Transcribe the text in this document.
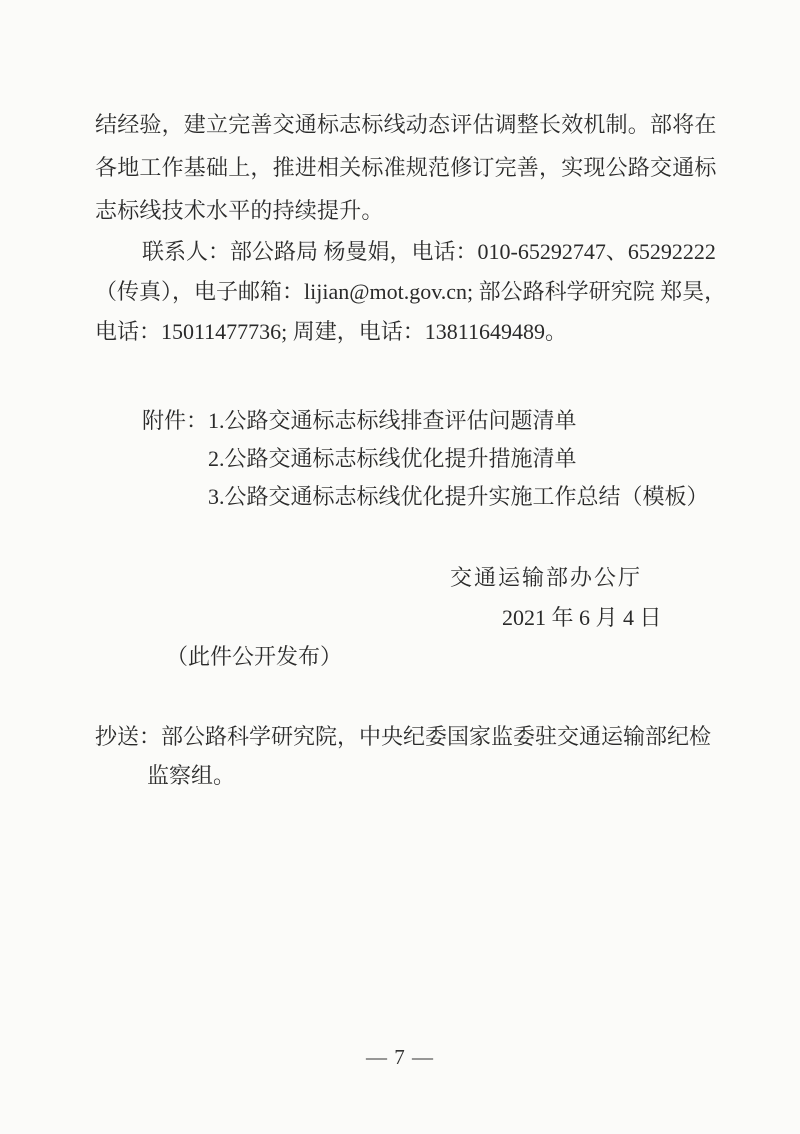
结经验，建立完善交通标志标线动态评估调整长效机制。部将在
各地工作基础上，推进相关标准规范修订完善，实现公路交通标
志标线技术水平的持续提升。
联系人：部公路局 杨曼娟，电话：010-65292747、65292222
（传真），电子邮箱：lijian@mot.gov.cn; 部公路科学研究院 郑昊，
电话：15011477736; 周建，电话：13811649489。
附件： 1.公路交通标志标线排查评估问题清单
2.公路交通标志标线优化提升措施清单
3.公路交通标志标线优化提升实施工作总结（模板）
交通运输部办公厅
2021 年 6 月 4 日
（此件公开发布）
抄送： 部公路科学研究院，中央纪委国家监委驻交通运输部纪检
监察组。
— 7 —
